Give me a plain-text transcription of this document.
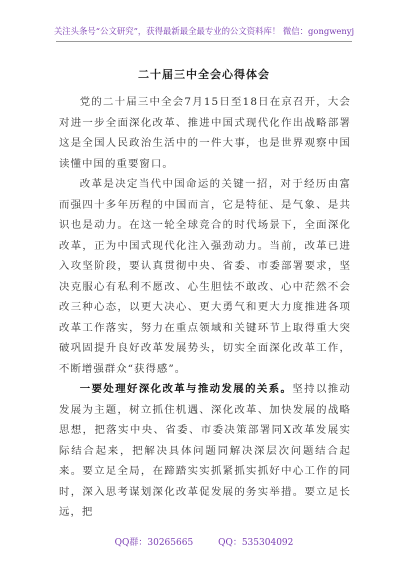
关注头条号“公文研究”，获得最新最全最专业的公文资料库！ 微信：gongwenyj
二十届三中全会心得体会

党的二十届三中全会7月15日至18日在京召开，大会对进一步全面深化改革、推进中国式现代化作出战略部署这是全国人民政治生活中的一件大事，也是世界观察中国读懂中国的重要窗口。

改革是决定当代中国命运的关键一招，对于经历由富而强四十多年历程的中国而言，它是特征、是气象、是共识也是动力。在这一轮全球竞合的时代场景下，全面深化改革，正为中国式现代化注入强劲动力。当前，改革已进入攻坚阶段，要认真贯彻中央、省委、市委部署要求，坚决克服心有私利不愿改、心生胆怯不敢改、心中茫然不会改三种心态，以更大决心、更大勇气和更大力度推进各项改革工作落实，努力在重点领域和关键环节上取得重大突破巩固提升良好改革发展势头，切实全面深化改革工作，不断增强群众“获得感”。

一要处理好深化改革与推动发展的关系。坚持以推动发展为主题，树立抓住机遇、深化改革、加快发展的战略思想，把落实中央、省委、市委决策部署同X改革发展实际结合起来，把解决具体问题同解决深层次问题结合起来。要立足全局，在蹄踏实实抓紧抓实抓好中心工作的同时，深入思考谋划深化改革促发展的务实举措。要立足长远，把

QQ群：30265665	QQ：535304092
